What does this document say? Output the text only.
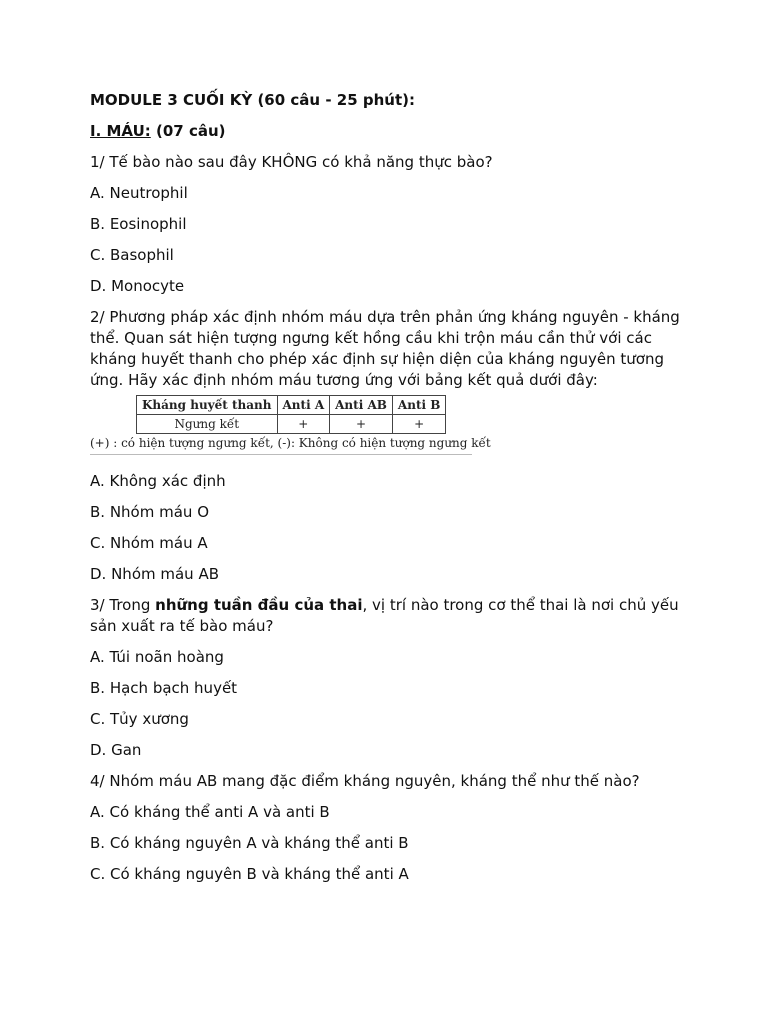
MODULE 3 CUỐI KỲ (60 câu - 25 phút):

I. MÁU: (07 câu)

1/ Tế bào nào sau đây KHÔNG có khả năng thực bào?

A. Neutrophil

B. Eosinophil

C. Basophil

D. Monocyte

2/ Phương pháp xác định nhóm máu dựa trên phản ứng kháng nguyên - kháng thể. Quan sát hiện tượng ngưng kết hồng cầu khi trộn máu cần thử với các kháng huyết thanh cho phép xác định sự hiện diện của kháng nguyên tương ứng. Hãy xác định nhóm máu tương ứng với bảng kết quả dưới đây:

Kháng huyết thanh	Anti A	Anti AB	Anti B
Ngưng kết	+	+	+
(+) : có hiện tượng ngưng kết, (-): Không có hiện tượng ngưng kết

A. Không xác định

B. Nhóm máu O

C. Nhóm máu A

D. Nhóm máu AB

3/ Trong những tuần đầu của thai, vị trí nào trong cơ thể thai là nơi chủ yếu sản xuất ra tế bào máu?

A. Túi noãn hoàng

B. Hạch bạch huyết

C. Tủy xương

D. Gan

4/ Nhóm máu AB mang đặc điểm kháng nguyên, kháng thể như thế nào?

A. Có kháng thể anti A và anti B

B. Có kháng nguyên A và kháng thể anti B

C. Có kháng nguyên B và kháng thể anti A
